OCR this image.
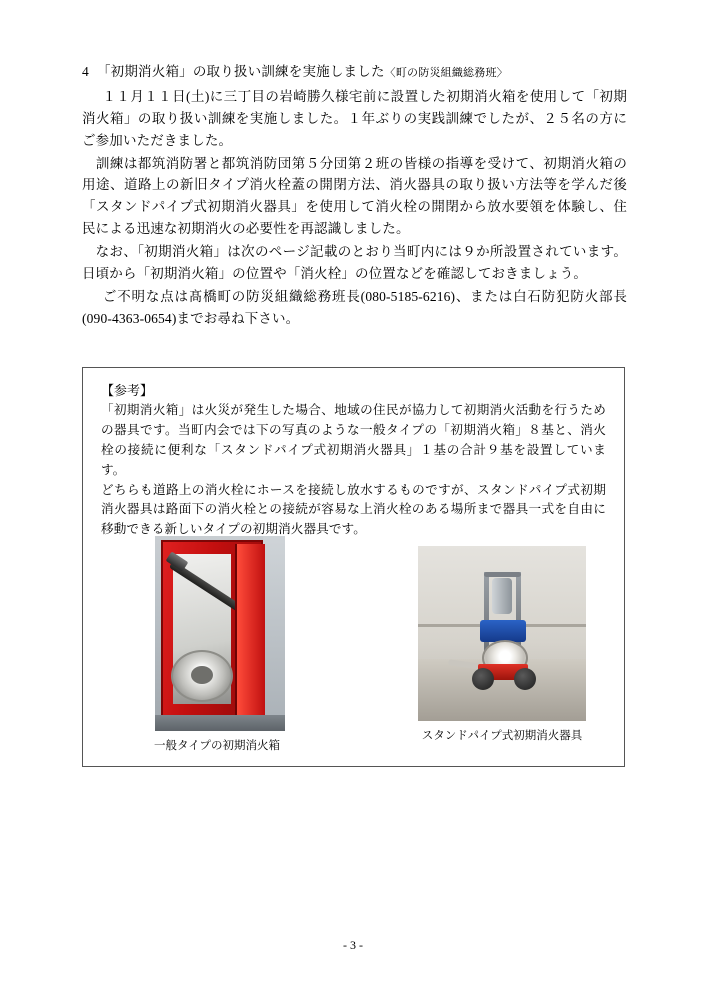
4 「初期消火箱」の取り扱い訓練を実施しました〈町の防災組織総務班〉

１１月１１日(土)に三丁目の岩崎勝久様宅前に設置した初期消火箱を使用して「初期消火箱」の取り扱い訓練を実施しました。１年ぶりの実践訓練でしたが、２５名の方にご参加いただきました。

訓練は都筑消防署と都筑消防団第５分団第２班の皆様の指導を受けて、初期消火箱の用途、道路上の新旧タイプ消火栓蓋の開閉方法、消火器具の取り扱い方法等を学んだ後「スタンドパイプ式初期消火器具」を使用して消火栓の開閉から放水要領を体験し、住民による迅速な初期消火の必要性を再認識しました。

なお、「初期消火箱」は次のページ記載のとおり当町内には９か所設置されています。日頃から「初期消火箱」の位置や「消火栓」の位置などを確認しておきましょう。

ご不明な点は髙橋町の防災組織総務班長(080-5185-6216)、または白石防犯防火部長(090-4363-0654)までお尋ね下さい。

【参考】

「初期消火箱」は火災が発生した場合、地域の住民が協力して初期消火活動を行うための器具です。当町内会では下の写真のような一般タイプの「初期消火箱」８基と、消火栓の接続に便利な「スタンドパイプ式初期消火器具」１基の合計９基を設置しています。

どちらも道路上の消火栓にホースを接続し放水するものですが、スタンドパイプ式初期消火器具は路面下の消火栓との接続が容易な上消火栓のある場所まで器具一式を自由に移動できる新しいタイプの初期消火器具です。

一般タイプの初期消火箱
スタンドパイプ式初期消火器具
- 3 -
